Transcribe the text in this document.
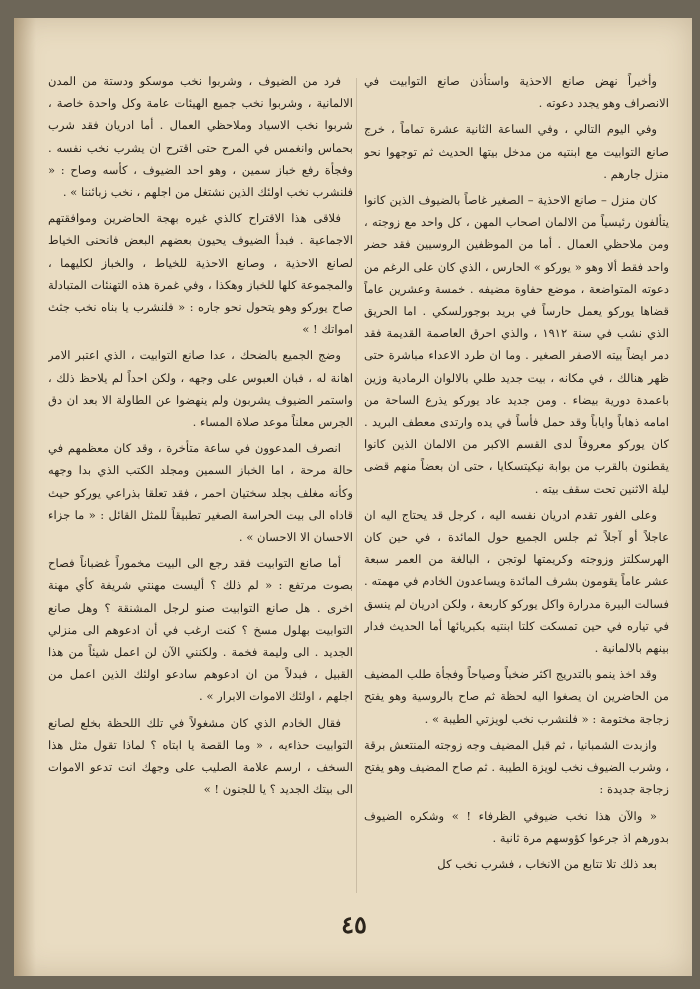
وأخيراً نهض صانع الاحذية واستأذن صانع التوابيت في الانصراف وهو يجدد دعوته .

وفي اليوم التالي ، وفي الساعة الثانية عشرة تماماً ، خرج صانع التوابيت مع ابنتيه من مدخل بيتها الحديث ثم توجهوا نحو منزل جارهم .

كان منزل – صانع الاحذية – الصغير غاصاً بالضيوف الذين كانوا يتألفون رئيسياً من الالمان اصحاب المهن ، كل واحد مع زوجته ، ومن ملاحظي العمال . أما من الموظفين الروسيين فقد حضر واحد فقط ألا وهو « يوركو » الحارس ، الذي كان على الرغم من دعوته المتواضعة ، موضع حفاوة مضيفه . خمسة وعشرين عاماً قضاها يوركو يعمل حارساً في بريد بوجورلسكي . اما الحريق الذي نشب في سنة ١٩١٢ ، والذي احرق العاصمة القديمة فقد دمر ايضاً بيته الاصفر الصغير . وما ان طرد الاعداء مباشرة حتى ظهر هنالك ، في مكانه ، بيت جديد طلي بالالوان الرمادية وزين باعمدة دورية بيضاء . ومن جديد عاد يوركو يذرع الساحة من امامه ذهاباً واياباً وقد حمل فأساً في يده وارتدى معطف البريد . كان يوركو معروفاً لدى القسم الاكبر من الالمان الذين كانوا يقطنون بالقرب من بوابة نيكيتسكايا ، حتى ان بعضاً منهم قضى ليلة الاثنين تحت سقف بيته .

وعلى الفور تقدم ادريان نفسه اليه ، كرجل قد يحتاج اليه ان عاجلاً أو آجلاً ثم جلس الجميع حول المائدة ، في حين كان الهرسكلتز وزوجته وكريمتها لوتجن ، البالغة من العمر سبعة عشر عاماً يقومون بشرف المائدة ويساعدون الخادم في مهمته . فسالت البيرة مدرارة واكل يوركو كاربعة ، ولكن ادريان لم ينسق في تياره في حين تمسكت كلتا ابنتيه بكبريائها أما الحديث فدار بينهم بالالمانية .

وقد اخذ ينمو بالتدريج اكثر ضخباً وصياحاً وفجأة طلب المضيف من الحاضرين ان يصغوا اليه لحظة ثم صاح بالروسية وهو يفتح زجاجة مختومة : « فلنشرب نخب لويزتي الطيبة » .

وازبدت الشمبانيا ، ثم قبل المضيف وجه زوجته المنتعش برقة ، وشرب الضيوف نخب لويزة الطيبة . ثم صاح المضيف وهو يفتح زجاجة جديدة :

« والآن هذا نخب ضيوفي الظرفاء ! » وشكره الضيوف بدورهم اذ جرعوا كؤوسهم مرة ثانية .

بعد ذلك تلا تتابع من الانخاب ، فشرب نخب كل

فرد من الضيوف ، وشربوا نخب موسكو ودستة من المدن الالمانية ، وشربوا نخب جميع الهيئات عامة وكل واحدة خاصة ، شربوا نخب الاسياد وملاحظي العمال . أما ادريان فقد شرب بحماس وانغمس في المرح حتى اقترح ان يشرب نخب نفسه . وفجأة رفع خباز سمين ، وهو احد الضيوف ، كأسه وصاح : « فلنشرب نخب اولئك الذين نشتغل من اجلهم ، نخب زبائننا » .

فلاقى هذا الاقتراح كالذي غيره بهجة الحاضرين وموافقتهم الاجماعية . فبدأ الضيوف يحيون بعضهم البعض فانحنى الخياط لصانع الاحذية ، وصانع الاحذية للخياط ، والخباز لكليهما ، والمجموعة كلها للخباز وهكذا ، وفي غمرة هذه التهنئات المتبادلة صاح يوركو وهو يتحول نحو جاره : « فلنشرب يا بناه نخب جثث امواتك ! »

وضج الجميع بالضحك ، عدا صانع التوابيت ، الذي اعتبر الامر اهانة له ، فبان العبوس على وجهه ، ولكن احداً لم يلاحظ ذلك ، واستمر الضيوف يشربون ولم ينهضوا عن الطاولة الا بعد ان دق الجرس معلناً موعد صلاة المساء .

انصرف المدعوون في ساعة متأخرة ، وقد كان معظمهم في حالة مرحة ، اما الخباز السمين ومجلد الكتب الذي بدا وجهه وكأنه مغلف بجلد سختيان احمر ، فقد تعلقا بذراعي يوركو حيث قاداه الى بيت الحراسة الصغير تطبيقاً للمثل القائل : « ما جزاء الاحسان الا الاحسان » .

أما صانع التوابيت فقد رجع الى البيت مخموراً غضباناً فصاح بصوت مرتفع : « لم ذلك ؟ أليست مهنتي شريفة كأي مهنة اخرى . هل صانع التوابيت صنو لرجل المشنقة ؟ وهل صانع التوابيت بهلول مسخ ؟ كنت ارغب في أن ادعوهم الى منزلي الجديد . الى وليمة فخمة . ولكنني الآن لن اعمل شيئاً من هذا القبيل ، فبدلاً من ان ادعوهم سادعو اولئك الذين اعمل من اجلهم ، اولئك الاموات الابرار » .

فقال الخادم الذي كان مشغولاً في تلك اللحظة بخلع لصانع التوابيت حذاءيه ، « وما القصة يا ابتاه ؟ لماذا تقول مثل هذا السخف ، ارسم علامة الصليب على وجهك انت تدعو الاموات الى بيتك الجديد ؟ يا للجنون ! »

٤٥
